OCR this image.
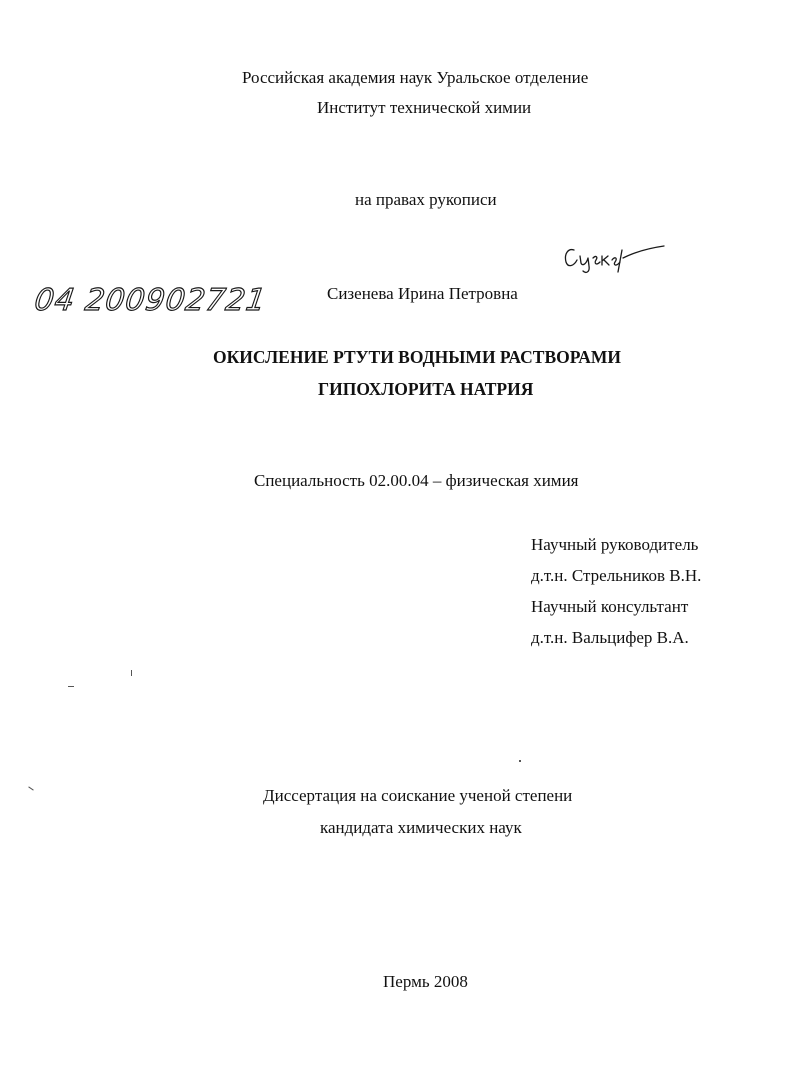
Российская академия наук Уральское отделение
Институт технической химии
на правах рукописи
04 200902721	Сизенева Ирина Петровна
ОКИСЛЕНИЕ РТУТИ ВОДНЫМИ РАСТВОРАМИ
ГИПОХЛОРИТА НАТРИЯ
Специальность 02.00.04 – физическая химия
Научный руководитель
д.т.н. Стрельников В.Н.
Научный консультант
д.т.н. Вальцифер В.А.
Диссертация на соискание ученой степени
кандидата химических наук
Пермь 2008
